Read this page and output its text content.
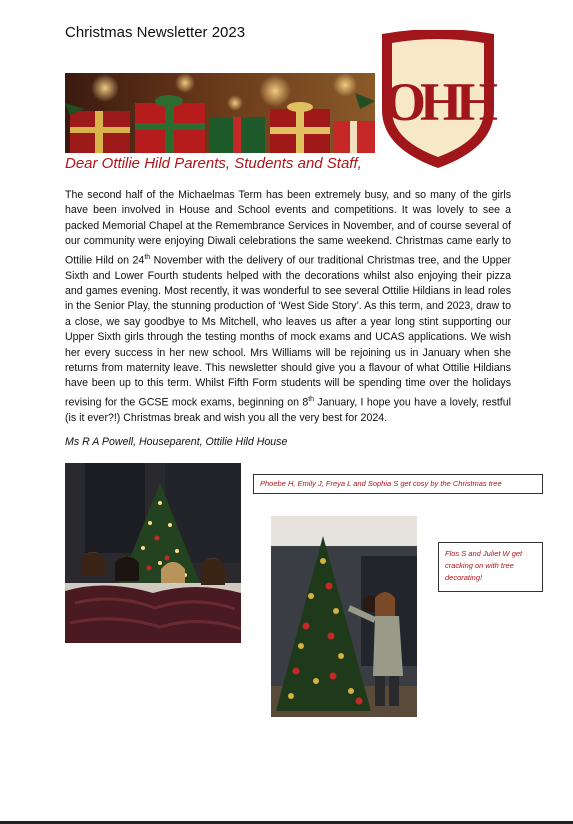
Christmas Newsletter 2023
OHH
Dear Ottilie Hild Parents, Students and Staff,

The second half of the Michaelmas Term has been extremely busy, and so many of the girls have been involved in House and School events and competitions. It was lovely to see a packed Memorial Chapel at the Remembrance Services in November, and of course several of our community were enjoying Diwali celebrations the same weekend. Christmas came early to Ottilie Hild on 24th November with the delivery of our traditional Christmas tree, and the Upper Sixth and Lower Fourth students helped with the decorations whilst also enjoying their pizza and games evening. Most recently, it was wonderful to see several Ottilie Hildians in lead roles in the Senior Play, the stunning production of ‘West Side Story’. As this term, and 2023, draw to a close, we say goodbye to Ms Mitchell, who leaves us after a year long stint supporting our Upper Sixth girls through the testing months of mock exams and UCAS applications. We wish her every success in her new school. Mrs Williams will be rejoining us in January when she returns from maternity leave. This newsletter should give you a flavour of what Ottilie Hildians have been up to this term. Whilst Fifth Form students will be spending time over the holidays revising for the GCSE mock exams, beginning on 8th January, I hope you have a lovely, restful (is it ever?!) Christmas break and wish you all the very best for 2024.

Ms R A Powell, Houseparent, Ottilie Hild House
Phoebe H, Emily J, Freya L and Sophia S get cosy by the Christmas tree
Flos S and Juliet W get cracking on with tree decorating!
